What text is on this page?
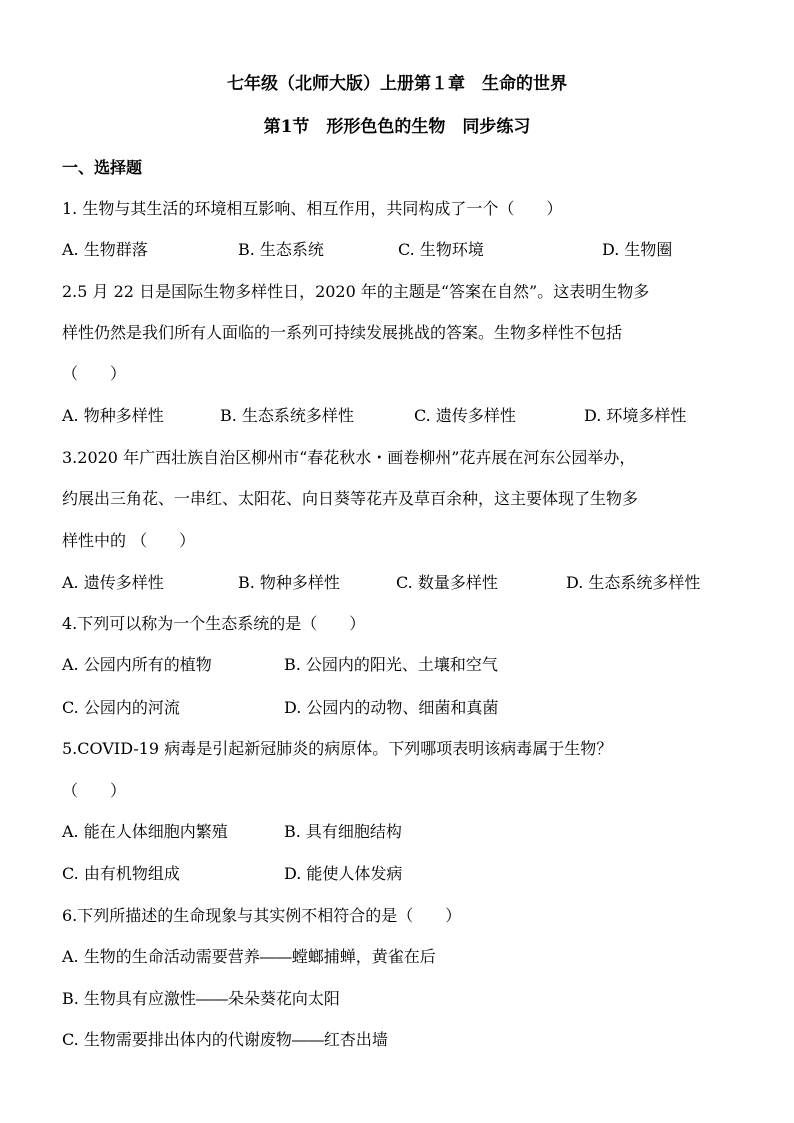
七年级（北师大版）上册第１章　生命的世界
第1节　形形色色的生物　同步练习
一、选择题
1. 生物与其生活的环境相互影响、相互作用，共同构成了一个（　　）
A. 生物群落	B. 生态系统	C. 生物环境	D. 生物圈
2.5 月 22 日是国际生物多样性日，2020 年的主题是“答案在自然”。这表明生物多
样性仍然是我们所有人面临的一系列可持续发展挑战的答案。生物多样性不包括
（　　）
A. 物种多样性	B. 生态系统多样性	C. 遗传多样性	D. 环境多样性
3.2020 年广西壮族自治区柳州市“春花秋水・画卷柳州”花卉展在河东公园举办，
约展出三角花、一串红、太阳花、向日葵等花卉及草百余种，这主要体现了生物多
样性中的 （　　）
A. 遗传多样性	B. 物种多样性	C. 数量多样性	D. 生态系统多样性
4.下列可以称为一个生态系统的是（　　）
A. 公园内所有的植物	B. 公园内的阳光、土壤和空气
C. 公园内的河流	D. 公园内的动物、细菌和真菌
5.COVID-19 病毒是引起新冠肺炎的病原体。下列哪项表明该病毒属于生物？
（　　）
A. 能在人体细胞内繁殖	B. 具有细胞结构
C. 由有机物组成	D. 能使人体发病
6.下列所描述的生命现象与其实例不相符合的是（　　）
A. 生物的生命活动需要营养――螳螂捕蝉，黄雀在后
B. 生物具有应激性――朵朵葵花向太阳
C. 生物需要排出体内的代谢废物――红杏出墙
